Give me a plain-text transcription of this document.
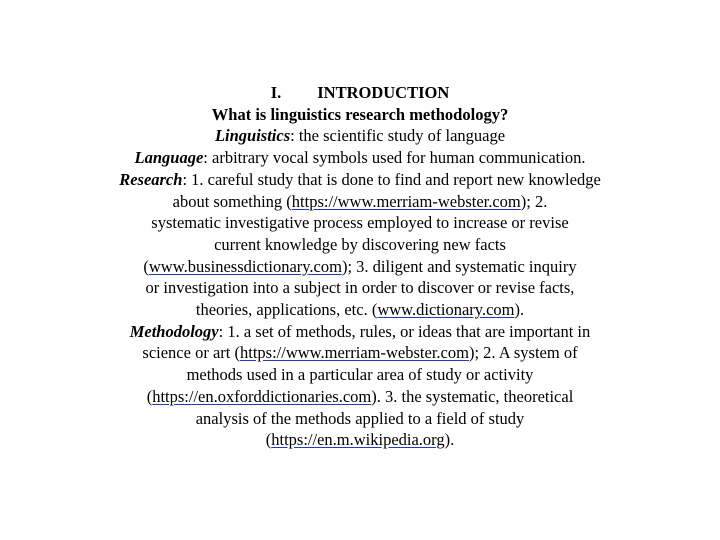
I. INTRODUCTION
What is linguistics research methodology?
Linguistics: the scientific study of language
Language: arbitrary vocal symbols used for human communication.
Research: 1. careful study that is done to find and report new knowledge
about something (https://www.merriam-webster.com); 2.
systematic investigative process employed to increase or revise
current knowledge by discovering new facts
(www.businessdictionary.com); 3. diligent and systematic inquiry
or investigation into a subject in order to discover or revise facts,
theories, applications, etc. (www.dictionary.com).
Methodology: 1. a set of methods, rules, or ideas that are important in
science or art (https://www.merriam-webster.com); 2. A system of
methods used in a particular area of study or activity
(https://en.oxforddictionaries.com). 3. the systematic, theoretical
analysis of the methods applied to a field of study
(https://en.m.wikipedia.org).
